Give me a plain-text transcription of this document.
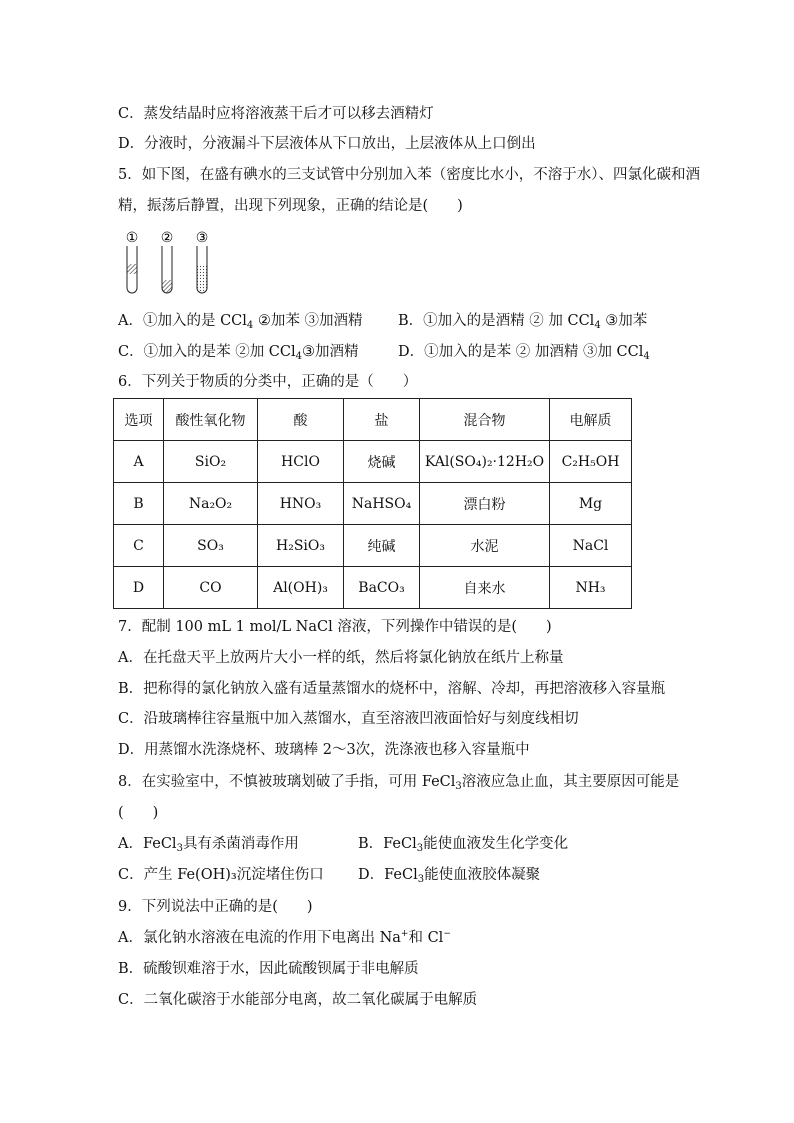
C．蒸发结晶时应将溶液蒸干后才可以移去酒精灯
D．分液时，分液漏斗下层液体从下口放出，上层液体从上口倒出
5．如下图，在盛有碘水的三支试管中分别加入苯（密度比水小，不溶于水）、四氯化碳和酒
精，振荡后静置，出现下列现象，正确的结论是(　　)
① ② ③
A．①加入的是 CCl$_4$ ②加苯 ③加酒精 B．①加入的是酒精 ② 加 CCl$_4$ ③加苯
C．①加入的是苯 ②加 CCl$_4$③加酒精	D．①加入的是苯 ② 加酒精 ③加 CCl$_4$
6．下列关于物质的分类中，正确的是（　　）
选项	酸性氧化物	酸	盐	混合物	电解质
A	SiO₂	HClO	烧碱	KAl(SO₄)₂·12H₂O	C₂H₅OH
B	Na₂O₂	HNO₃	NaHSO₄	漂白粉	Mg
C	SO₃	H₂SiO₃	纯碱	水泥	NaCl
D	CO	Al(OH)₃	BaCO₃	自来水	NH₃
7．配制 100 mL 1 mol/L NaCl 溶液，下列操作中错误的是(　　)
A．在托盘天平上放两片大小一样的纸，然后将氯化钠放在纸片上称量
B．把称得的氯化钠放入盛有适量蒸馏水的烧杯中，溶解、冷却，再把溶液移入容量瓶
C．沿玻璃棒往容量瓶中加入蒸馏水，直至溶液凹液面恰好与刻度线相切
D．用蒸馏水洗涤烧杯、玻璃棒 2～3次，洗涤液也移入容量瓶中
8．在实验室中，不慎被玻璃划破了手指，可用 FeCl$_3$溶液应急止血，其主要原因可能是
(　　)
A．FeCl$_3$具有杀菌消毒作用	B．FeCl$_3$能使血液发生化学变化
C．产生 Fe(OH)₃沉淀堵住伤口 D．FeCl$_3$能使血液胶体凝聚
9．下列说法中正确的是(　　)
A．氯化钠水溶液在电流的作用下电离出 Na+和 Cl−
B．硫酸钡难溶于水，因此硫酸钡属于非电解质
C．二氧化碳溶于水能部分电离，故二氧化碳属于电解质
